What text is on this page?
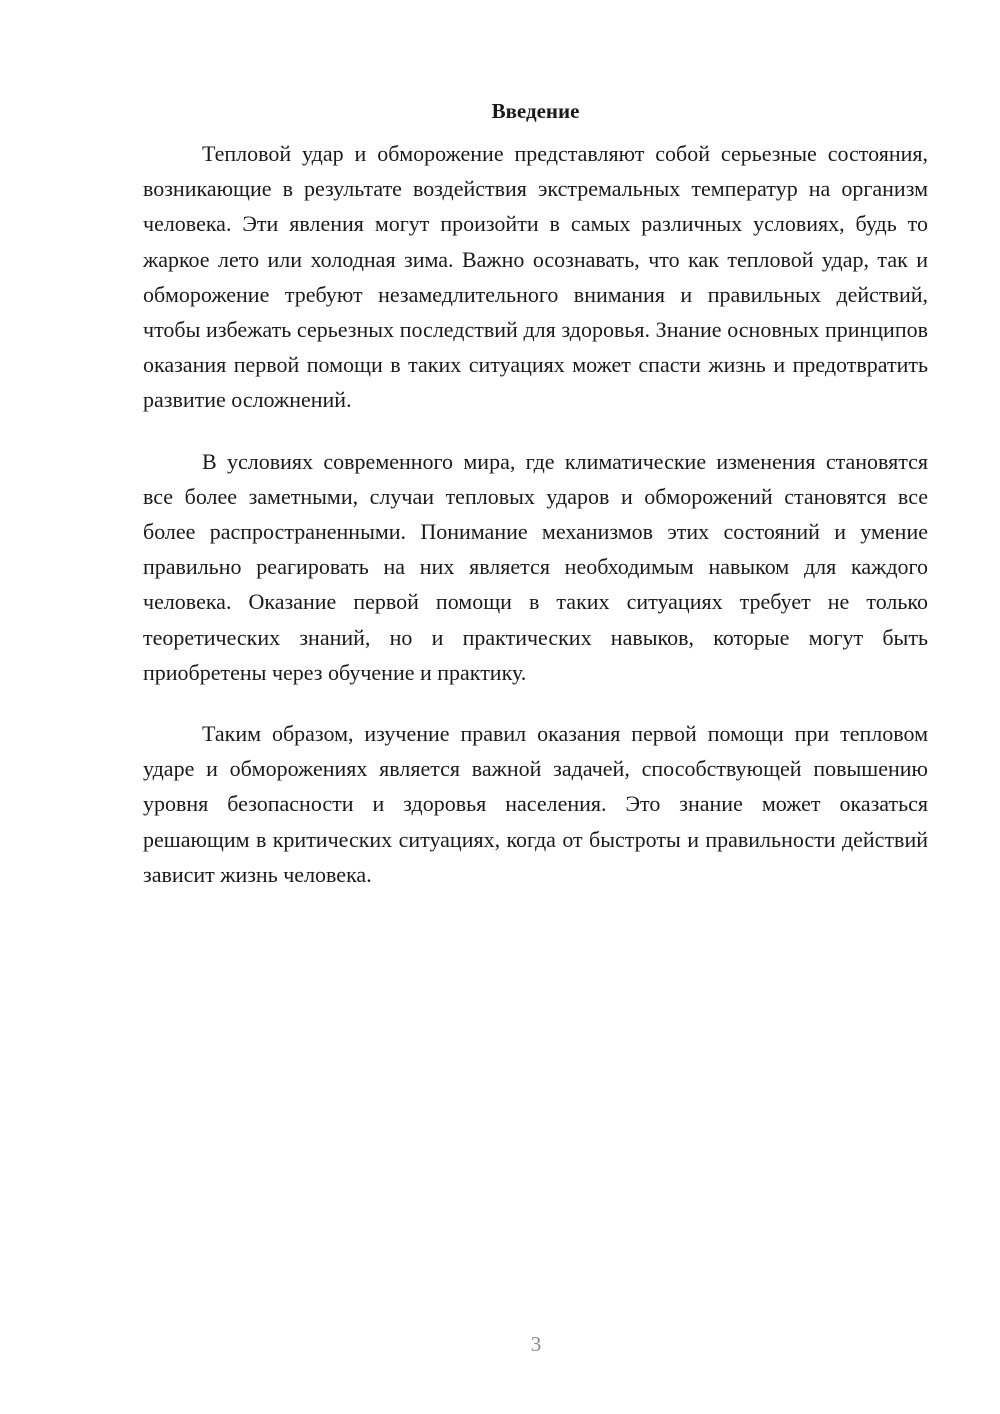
Введение

Тепловой удар и обморожение представляют собой серьезные состояния, возникающие в результате воздействия экстремальных температур на организм человека. Эти явления могут произойти в самых различных условиях, будь то жаркое лето или холодная зима. Важно осознавать, что как тепловой удар, так и обморожение требуют незамедлительного внимания и правильных действий, чтобы избежать серьезных последствий для здоровья. Знание основных принципов оказания первой помощи в таких ситуациях может спасти жизнь и предотвратить развитие осложнений.

В условиях современного мира, где климатические изменения становятся все более заметными, случаи тепловых ударов и обморожений становятся все более распространенными. Понимание механизмов этих состояний и умение правильно реагировать на них является необходимым навыком для каждого человека. Оказание первой помощи в таких ситуациях требует не только теоретических знаний, но и практических навыков, которые могут быть приобретены через обучение и практику.

Таким образом, изучение правил оказания первой помощи при тепловом ударе и обморожениях является важной задачей, способствующей повышению уровня безопасности и здоровья населения. Это знание может оказаться решающим в критических ситуациях, когда от быстроты и правильности действий зависит жизнь человека.

3
